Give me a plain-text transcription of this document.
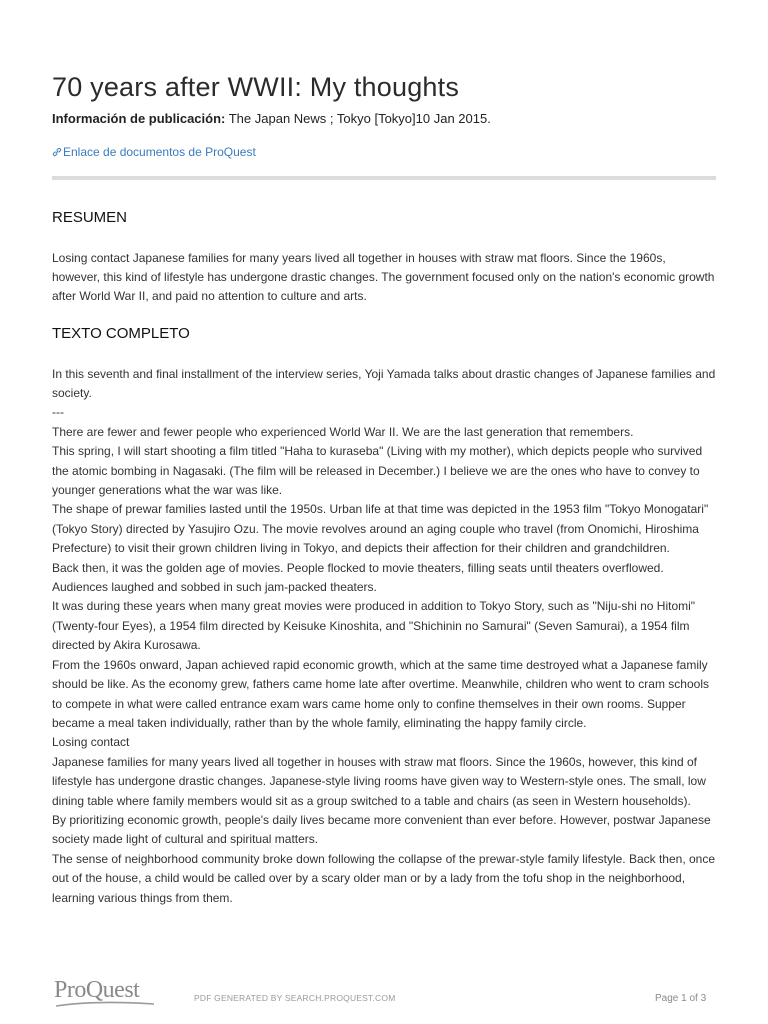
70 years after WWII: My thoughts
Información de publicación: The Japan News ; Tokyo [Tokyo]10 Jan 2015.
Enlace de documentos de ProQuest
RESUMEN
Losing contact Japanese families for many years lived all together in houses with straw mat floors. Since the 1960s, however, this kind of lifestyle has undergone drastic changes. The government focused only on the nation's economic growth after World War II, and paid no attention to culture and arts.
TEXTO COMPLETO

In this seventh and final installment of the interview series, Yoji Yamada talks about drastic changes of Japanese families and society.

---

There are fewer and fewer people who experienced World War II. We are the last generation that remembers.

This spring, I will start shooting a film titled "Haha to kuraseba" (Living with my mother), which depicts people who survived the atomic bombing in Nagasaki. (The film will be released in December.) I believe we are the ones who have to convey to younger generations what the war was like.

The shape of prewar families lasted until the 1950s. Urban life at that time was depicted in the 1953 film "Tokyo Monogatari" (Tokyo Story) directed by Yasujiro Ozu. The movie revolves around an aging couple who travel (from Onomichi, Hiroshima Prefecture) to visit their grown children living in Tokyo, and depicts their affection for their children and grandchildren.

Back then, it was the golden age of movies. People flocked to movie theaters, filling seats until theaters overflowed. Audiences laughed and sobbed in such jam-packed theaters.

It was during these years when many great movies were produced in addition to Tokyo Story, such as "Niju-shi no Hitomi" (Twenty-four Eyes), a 1954 film directed by Keisuke Kinoshita, and "Shichinin no Samurai" (Seven Samurai), a 1954 film directed by Akira Kurosawa.

From the 1960s onward, Japan achieved rapid economic growth, which at the same time destroyed what a Japanese family should be like. As the economy grew, fathers came home late after overtime. Meanwhile, children who went to cram schools to compete in what were called entrance exam wars came home only to confine themselves in their own rooms. Supper became a meal taken individually, rather than by the whole family, eliminating the happy family circle.

Losing contact

Japanese families for many years lived all together in houses with straw mat floors. Since the 1960s, however, this kind of lifestyle has undergone drastic changes. Japanese-style living rooms have given way to Western-style ones. The small, low dining table where family members would sit as a group switched to a table and chairs (as seen in Western households).

By prioritizing economic growth, people's daily lives became more convenient than ever before. However, postwar Japanese society made light of cultural and spiritual matters.

The sense of neighborhood community broke down following the collapse of the prewar-style family lifestyle. Back then, once out of the house, a child would be called over by a scary older man or by a lady from the tofu shop in the neighborhood, learning various things from them.

ProQuest	PDF GENERATED BY SEARCH.PROQUEST.COM	Page 1 of 3
